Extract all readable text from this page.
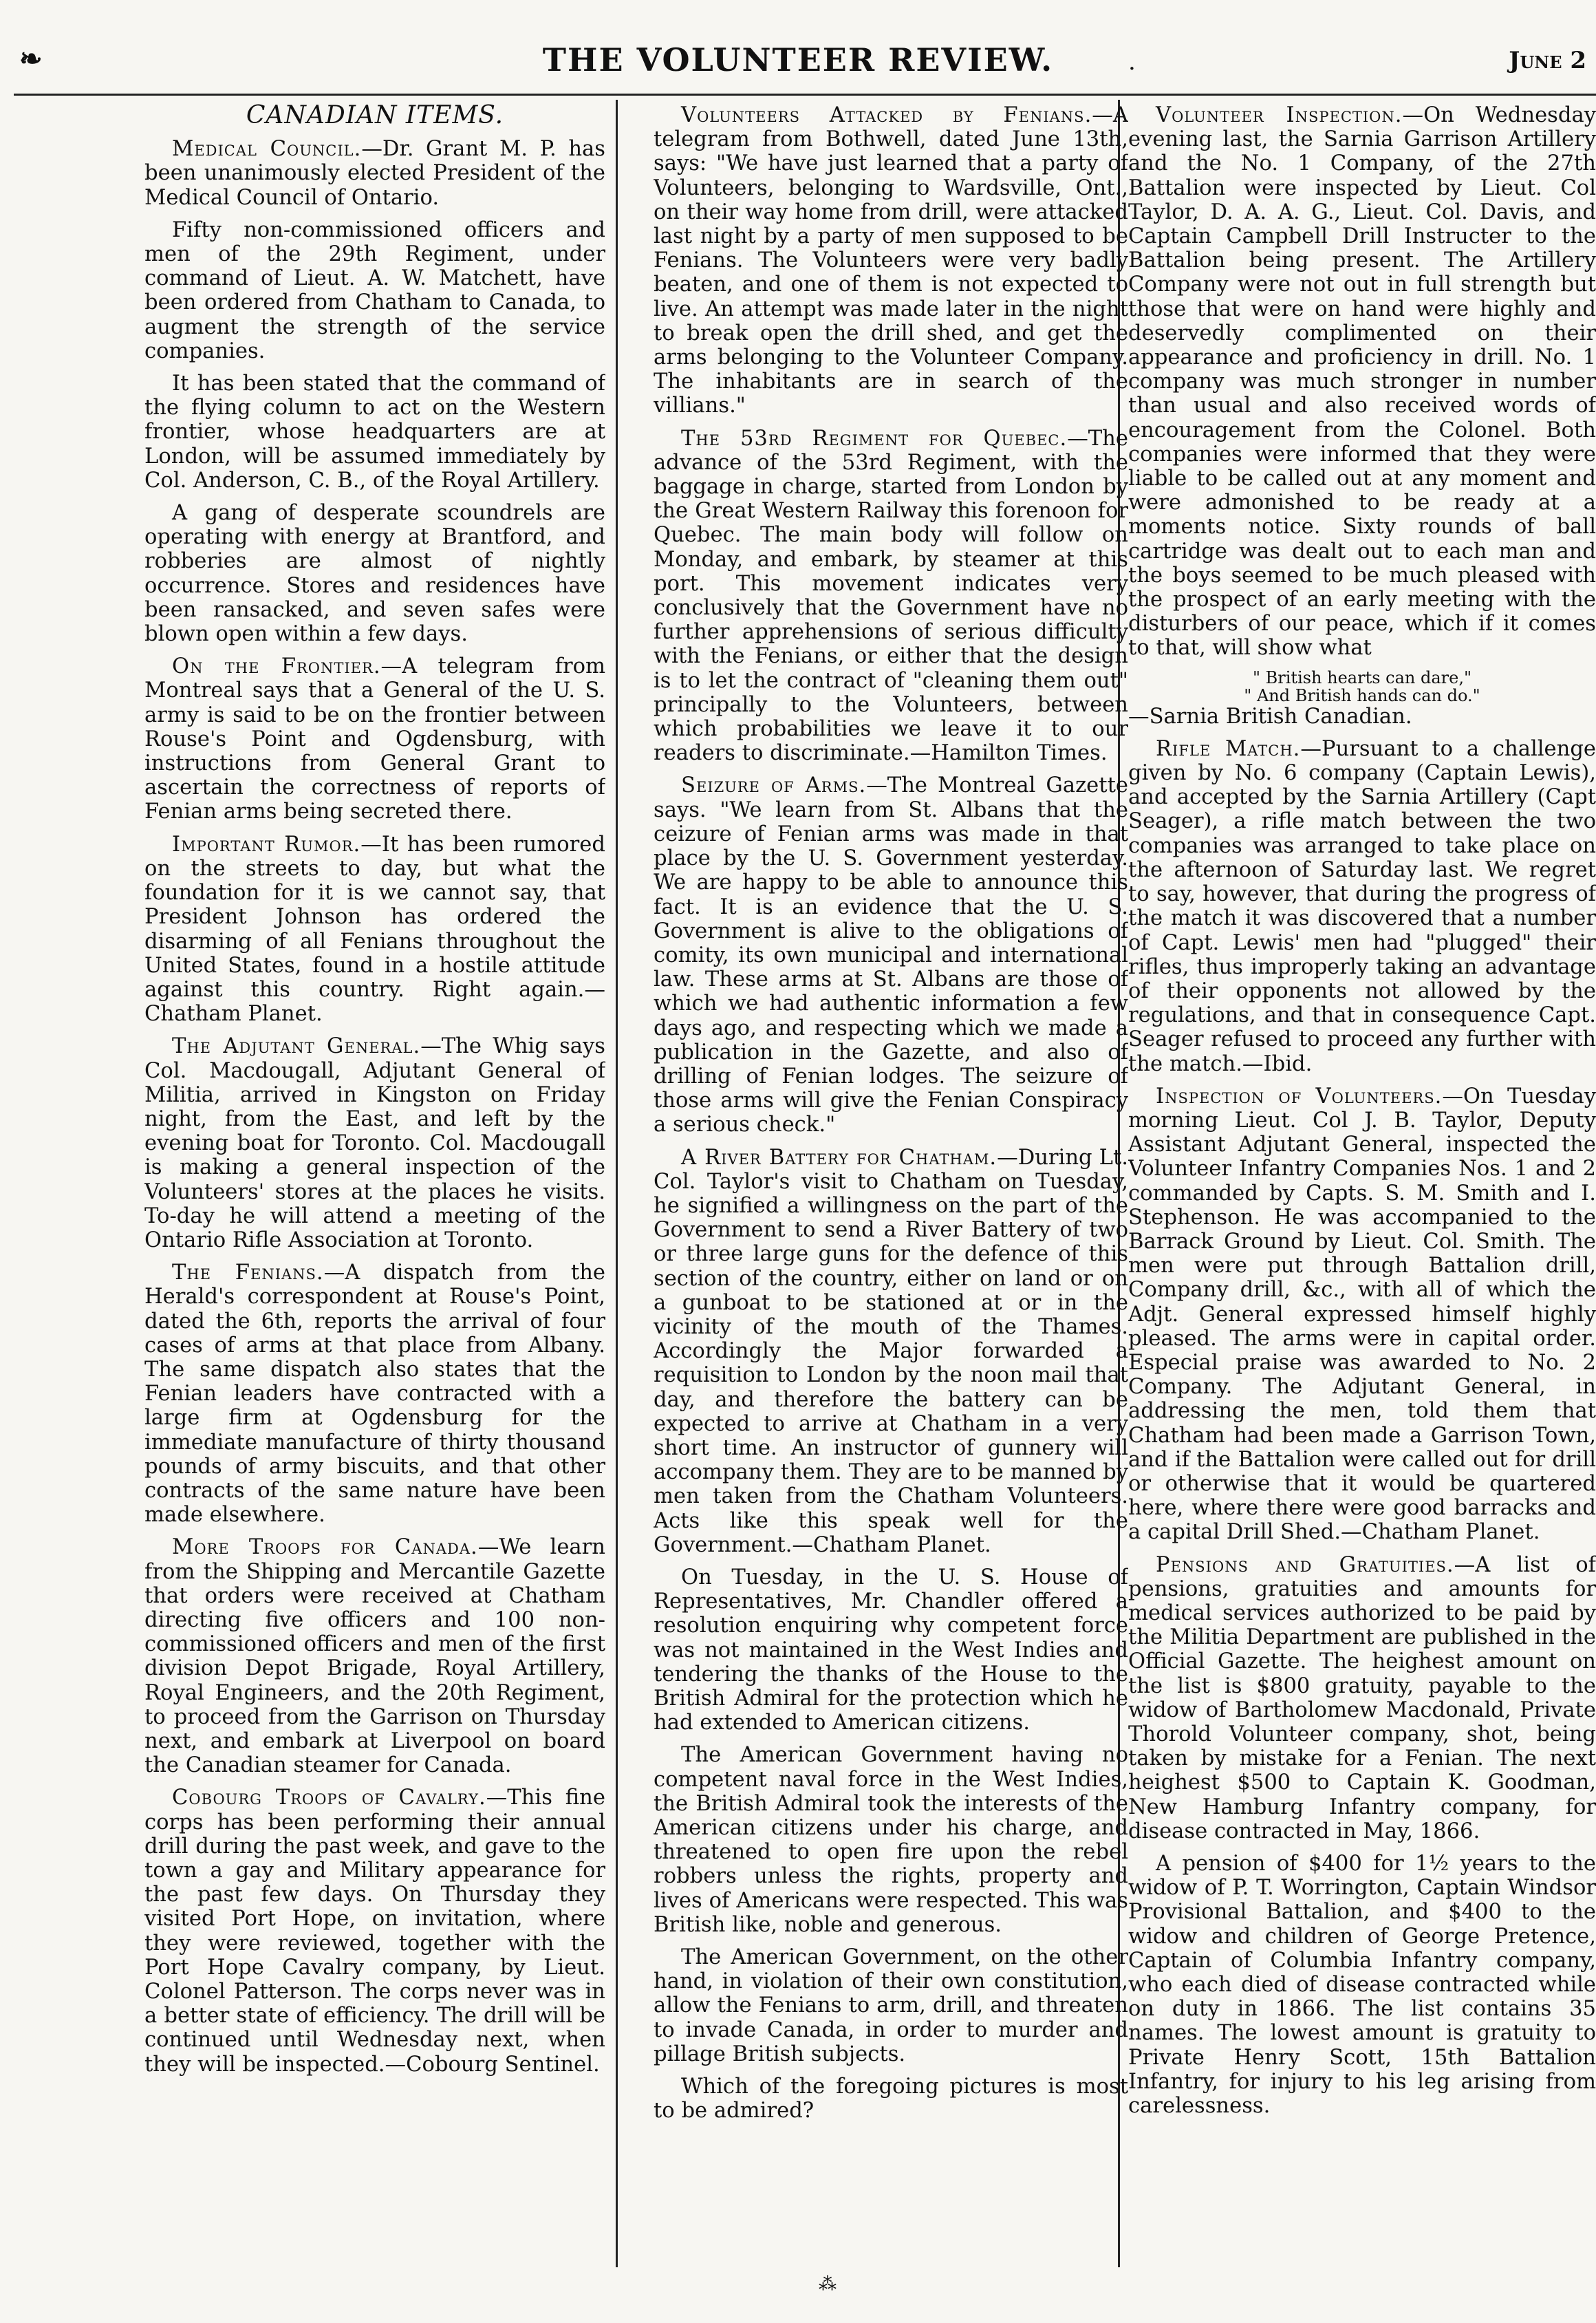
❧	THE VOLUNTEER REVIEW.	.	June 2
CANADIAN ITEMS.
Medical Council.—Dr. Grant M. P. has been unanimously elected President of the Medical Council of Ontario.
Fifty non-commissioned officers and men of the 29th Regiment, under command of Lieut. A. W. Matchett, have been ordered from Chatham to Canada, to augment the strength of the service companies.
It has been stated that the command of the flying column to act on the Western frontier, whose headquarters are at London, will be assumed immediately by Col. Anderson, C. B., of the Royal Artillery.
A gang of desperate scoundrels are operating with energy at Brantford, and robberies are almost of nightly occurrence. Stores and residences have been ransacked, and seven safes were blown open within a few days.
On the Frontier.—A telegram from Montreal says that a General of the U. S. army is said to be on the frontier between Rouse's Point and Ogdensburg, with instructions from General Grant to ascertain the correctness of reports of Fenian arms being secreted there.
Important Rumor.—It has been rumored on the streets to day, but what the foundation for it is we cannot say, that President Johnson has ordered the disarming of all Fenians throughout the United States, found in a hostile attitude against this country. Right again.—Chatham Planet.
The Adjutant General.—The Whig says Col. Macdougall, Adjutant General of Militia, arrived in Kingston on Friday night, from the East, and left by the evening boat for Toronto. Col. Macdougall is making a general inspection of the Volunteers' stores at the places he visits. To-day he will attend a meeting of the Ontario Rifle Association at Toronto.
The Fenians.—A dispatch from the Herald's correspondent at Rouse's Point, dated the 6th, reports the arrival of four cases of arms at that place from Albany. The same dispatch also states that the Fenian leaders have contracted with a large firm at Ogdensburg for the immediate manufacture of thirty thousand pounds of army biscuits, and that other contracts of the same nature have been made elsewhere.
More Troops for Canada.—We learn from the Shipping and Mercantile Gazette that orders were received at Chatham directing five officers and 100 non-commissioned officers and men of the first division Depot Brigade, Royal Artillery, Royal Engineers, and the 20th Regiment, to proceed from the Garrison on Thursday next, and embark at Liverpool on board the Canadian steamer for Canada.
Cobourg Troops of Cavalry.—This fine corps has been performing their annual drill during the past week, and gave to the town a gay and Military appearance for the past few days. On Thursday they visited Port Hope, on invitation, where they were reviewed, together with the Port Hope Cavalry company, by Lieut. Colonel Patterson. The corps never was in a better state of efficiency. The drill will be continued until Wednesday next, when they will be inspected.—Cobourg Sentinel.
Volunteers Attacked by Fenians.—A telegram from Bothwell, dated June 13th, says: "We have just learned that a party of Volunteers, belonging to Wardsville, Ont., on their way home from drill, were attacked last night by a party of men supposed to be Fenians. The Volunteers were very badly beaten, and one of them is not expected to live. An attempt was made later in the night to break open the drill shed, and get the arms belonging to the Volunteer Company. The inhabitants are in search of the villians."
The 53rd Regiment for Quebec.—The advance of the 53rd Regiment, with the baggage in charge, started from London by the Great Western Railway this forenoon for Quebec. The main body will follow on Monday, and embark, by steamer at this port. This movement indicates very conclusively that the Government have no further apprehensions of serious difficulty with the Fenians, or either that the design is to let the contract of "cleaning them out" principally to the Volunteers, between which probabilities we leave it to our readers to discriminate.—Hamilton Times.
Seizure of Arms.—The Montreal Gazette says. "We learn from St. Albans that the ceizure of Fenian arms was made in that place by the U. S. Government yesterday. We are happy to be able to announce this fact. It is an evidence that the U. S. Government is alive to the obligations of comity, its own municipal and international law. These arms at St. Albans are those of which we had authentic information a few days ago, and respecting which we made a publication in the Gazette, and also of drilling of Fenian lodges. The seizure of those arms will give the Fenian Conspiracy a serious check."
A River Battery for Chatham.—During Lt. Col. Taylor's visit to Chatham on Tuesday, he signified a willingness on the part of the Government to send a River Battery of two or three large guns for the defence of this section of the country, either on land or on a gunboat to be stationed at or in the vicinity of the mouth of the Thames. Accordingly the Major forwarded a requisition to London by the noon mail that day, and therefore the battery can be expected to arrive at Chatham in a very short time. An instructor of gunnery will accompany them. They are to be manned by men taken from the Chatham Volunteers. Acts like this speak well for the Government.—Chatham Planet.
On Tuesday, in the U. S. House of Representatives, Mr. Chandler offered a resolution enquiring why competent force was not maintained in the West Indies and tendering the thanks of the House to the British Admiral for the protection which he had extended to American citizens.
The American Government having no competent naval force in the West Indies, the British Admiral took the interests of the American citizens under his charge, and threatened to open fire upon the rebel robbers unless the rights, property and lives of Americans were respected. This was British like, noble and generous.
The American Government, on the other hand, in violation of their own constitution, allow the Fenians to arm, drill, and threaten to invade Canada, in order to murder and pillage British subjects.
Which of the foregoing pictures is most to be admired?
Volunteer Inspection.—On Wednesday evening last, the Sarnia Garrison Artillery and the No. 1 Company, of the 27th Battalion were inspected by Lieut. Col Taylor, D. A. A. G., Lieut. Col. Davis, and Captain Campbell Drill Instructer to the Battalion being present. The Artillery Company were not out in full strength but those that were on hand were highly and deservedly complimented on their appearance and proficiency in drill. No. 1 company was much stronger in number than usual and also received words of encouragement from the Colonel. Both companies were informed that they were liable to be called out at any moment and were admonished to be ready at a moments notice. Sixty rounds of ball cartridge was dealt out to each man and the boys seemed to be much pleased with the prospect of an early meeting with the disturbers of our peace, which if it comes to that, will show what
" British hearts can dare,"
" And British hands can do."
—Sarnia British Canadian.
Rifle Match.—Pursuant to a challenge given by No. 6 company (Captain Lewis), and accepted by the Sarnia Artillery (Capt Seager), a rifle match between the two companies was arranged to take place on the afternoon of Saturday last. We regret to say, however, that during the progress of the match it was discovered that a number of Capt. Lewis' men had "plugged" their rifles, thus improperly taking an advantage of their opponents not allowed by the regulations, and that in consequence Capt. Seager refused to proceed any further with the match.—Ibid.
Inspection of Volunteers.—On Tuesday morning Lieut. Col J. B. Taylor, Deputy Assistant Adjutant General, inspected the Volunteer Infantry Companies Nos. 1 and 2 commanded by Capts. S. M. Smith and I. Stephenson. He was accompanied to the Barrack Ground by Lieut. Col. Smith. The men were put through Battalion drill, Company drill, &c., with all of which the Adjt. General expressed himself highly pleased. The arms were in capital order. Especial praise was awarded to No. 2 Company. The Adjutant General, in addressing the men, told them that Chatham had been made a Garrison Town, and if the Battalion were called out for drill or otherwise that it would be quartered here, where there were good barracks and a capital Drill Shed.—Chatham Planet.
Pensions and Gratuities.—A list of pensions, gratuities and amounts for medical services authorized to be paid by the Militia Department are published in the Official Gazette. The heighest amount on the list is $800 gratuity, payable to the widow of Bartholomew Macdonald, Private Thorold Volunteer company, shot, being taken by mistake for a Fenian. The next heighest $500 to Captain K. Goodman, New Hamburg Infantry company, for disease contracted in May, 1866.
A pension of $400 for 1½ years to the widow of P. T. Worrington, Captain Windsor Provisional Battalion, and $400 to the widow and children of George Pretence, Captain of Columbia Infantry company, who each died of disease contracted while on duty in 1866. The list contains 35 names. The lowest amount is gratuity to Private Henry Scott, 15th Battalion Infantry, for injury to his leg arising from carelessness.
⁂
